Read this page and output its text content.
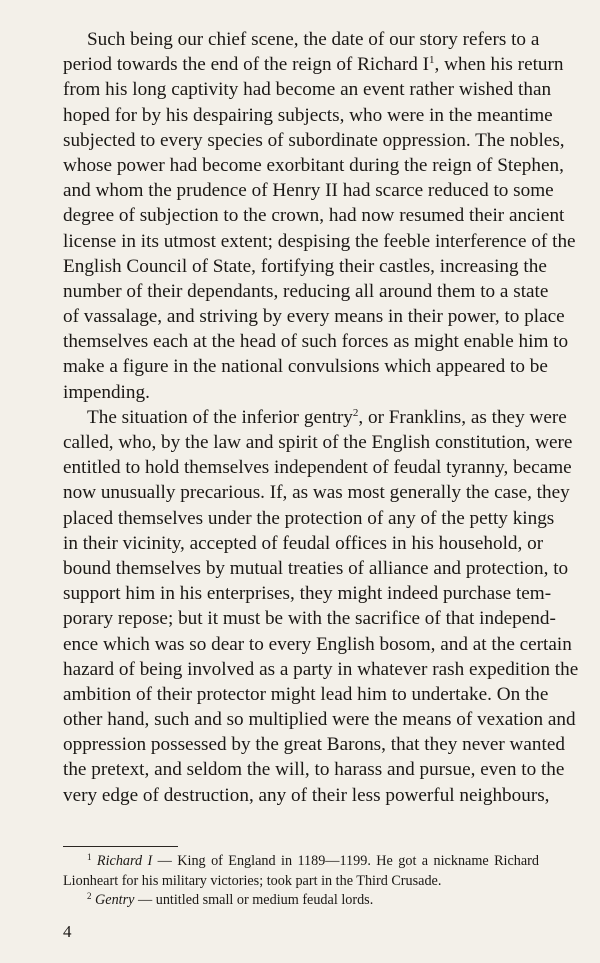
Such being our chief scene, the date of our story refers to a
period towards the end of the reign of Richard $I^1$, when his return
from his long captivity had become an event rather wished than
hoped for by his despairing subjects, who were in the meantime
subjected to every species of subordinate oppression. The nobles,
whose power had become exorbitant during the reign of Stephen,
and whom the prudence of Henry II had scarce reduced to some
degree of subjection to the crown, had now resumed their ancient
license in its utmost extent; despising the feeble interference of the
English Council of State, fortifying their castles, increasing the
number of their dependants, reducing all around them to a state
of vassalage, and striving by every means in their power, to place
themselves each at the head of such forces as might enable him to
make a figure in the national convulsions which appeared to be
impending.

The situation of the inferior gentry$^2$, or Franklins, as they were
called, who, by the law and spirit of the English constitution, were
entitled to hold themselves independent of feudal tyranny, became
now unusually precarious. If, as was most generally the case, they
placed themselves under the protection of any of the petty kings
in their vicinity, accepted of feudal offices in his household, or
bound themselves by mutual treaties of alliance and protection, to
support him in his enterprises, they might indeed purchase tem-
porary repose; but it must be with the sacrifice of that independ-
ence which was so dear to every English bosom, and at the certain
hazard of being involved as a party in whatever rash expedition the
ambition of their protector might lead him to undertake. On the
other hand, such and so multiplied were the means of vexation and
oppression possessed by the great Barons, that they never wanted
the pretext, and seldom the will, to harass and pursue, even to the
very edge of destruction, any of their less powerful neighbours,

$^1$ Richard I — King of England in 1189—1199. He got a nickname Richard
Lionheart for his military victories; took part in the Third Crusade.
$^2$ Gentry — untitled small or medium feudal lords.
4
